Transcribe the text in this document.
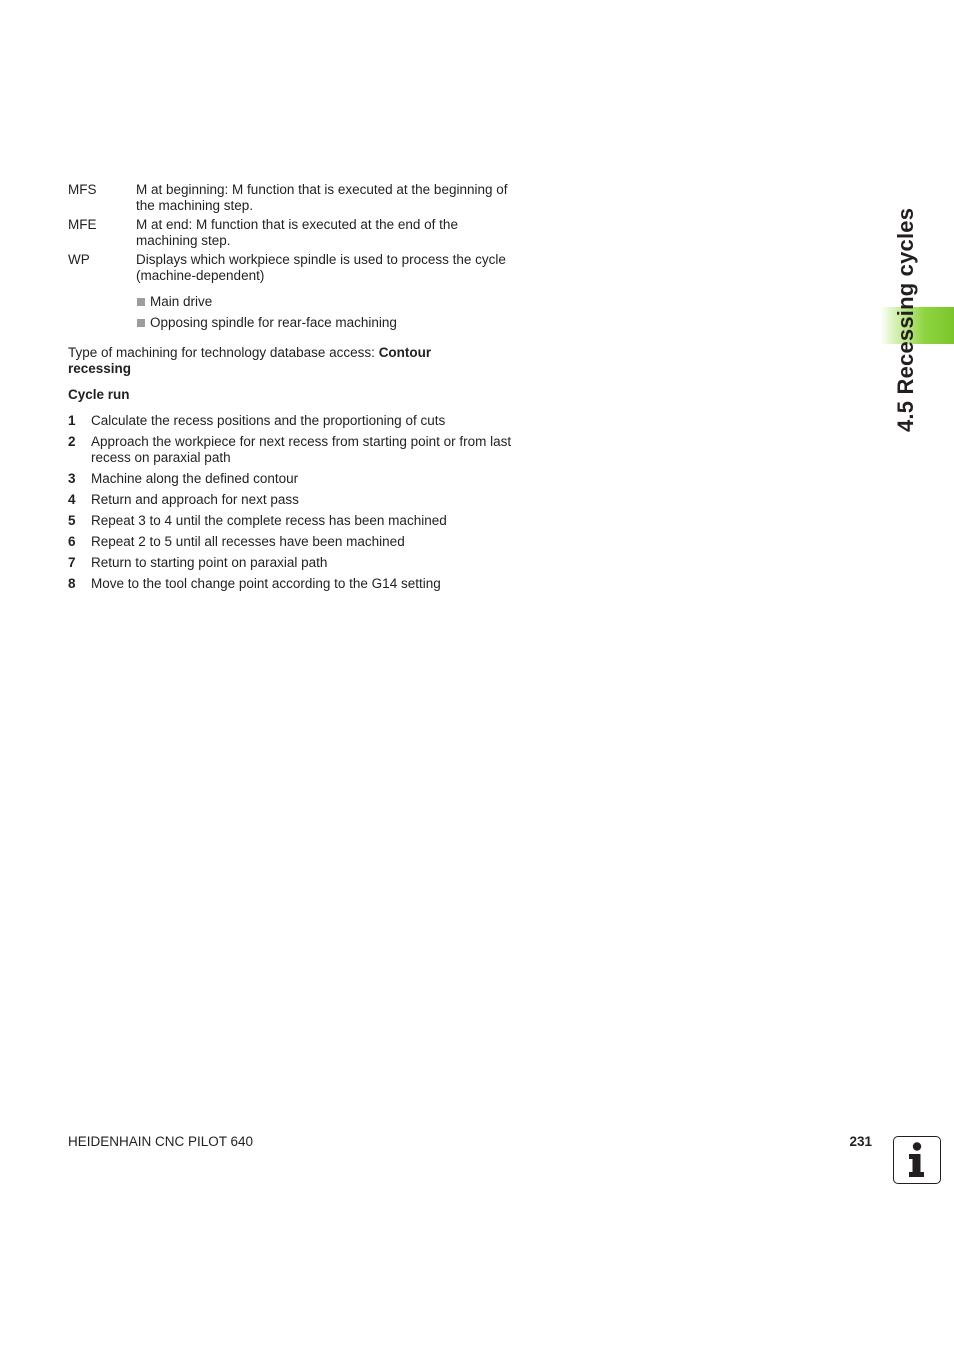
4.5 Recessing cycles
MFS	M at beginning: M function that is executed at the beginning of the machining step.
MFE	M at end: M function that is executed at the end of the machining step.
WP	Displays which workpiece spindle is used to process the cycle (machine-dependent)
Main drive
Opposing spindle for rear-face machining
Type of machining for technology database access: Contour recessing
Cycle run
1	Calculate the recess positions and the proportioning of cuts
2	Approach the workpiece for next recess from starting point or from last recess on paraxial path
3	Machine along the defined contour
4	Return and approach for next pass
5	Repeat 3 to 4 until the complete recess has been machined
6	Repeat 2 to 5 until all recesses have been machined
7	Return to starting point on paraxial path
8	Move to the tool change point according to the G14 setting
HEIDENHAIN CNC PILOT 640	231
